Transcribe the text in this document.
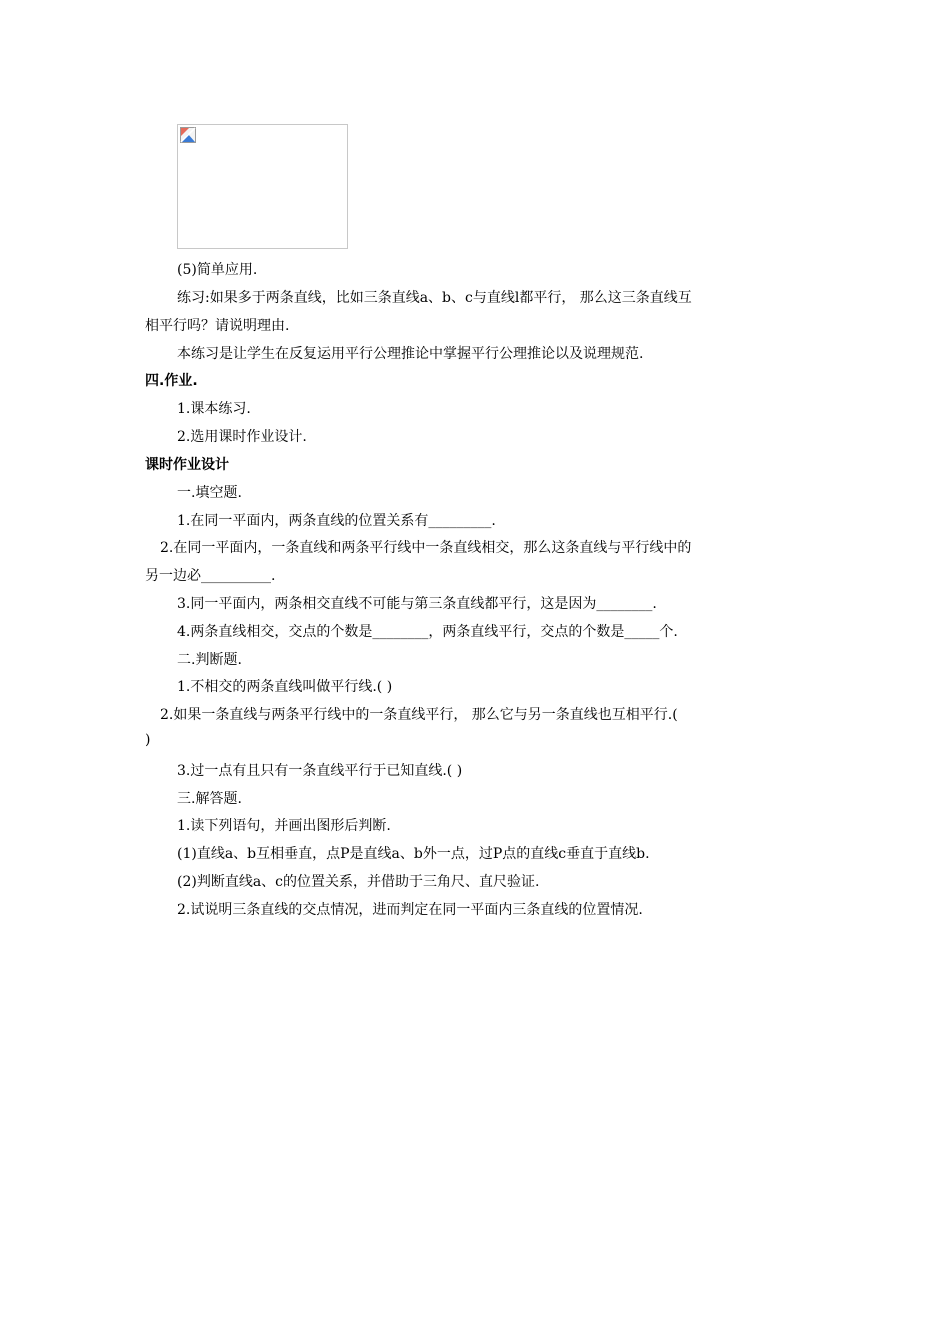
(5)简单应用.
练习:如果多于两条直线，比如三条直线a、b、c与直线l都平行， 那么这三条直线互
相平行吗？请说明理由.
本练习是让学生在反复运用平行公理推论中掌握平行公理推论以及说理规范.
四.作业.
1.课本练习.
2.选用课时作业设计.
课时作业设计
一.填空题.
1.在同一平面内，两条直线的位置关系有_________.
2.在同一平面内，一条直线和两条平行线中一条直线相交，那么这条直线与平行线中的
另一边必__________.
3.同一平面内，两条相交直线不可能与第三条直线都平行，这是因为________.
4.两条直线相交，交点的个数是________，两条直线平行，交点的个数是_____个.
二.判断题.
1.不相交的两条直线叫做平行线.( )
2.如果一条直线与两条平行线中的一条直线平行， 那么它与另一条直线也互相平行.(
)
3.过一点有且只有一条直线平行于已知直线.( )
三.解答题.
1.读下列语句，并画出图形后判断.
(1)直线a、b互相垂直，点P是直线a、b外一点，过P点的直线c垂直于直线b.
(2)判断直线a、c的位置关系，并借助于三角尺、直尺验证.
2.试说明三条直线的交点情况，进而判定在同一平面内三条直线的位置情况.
